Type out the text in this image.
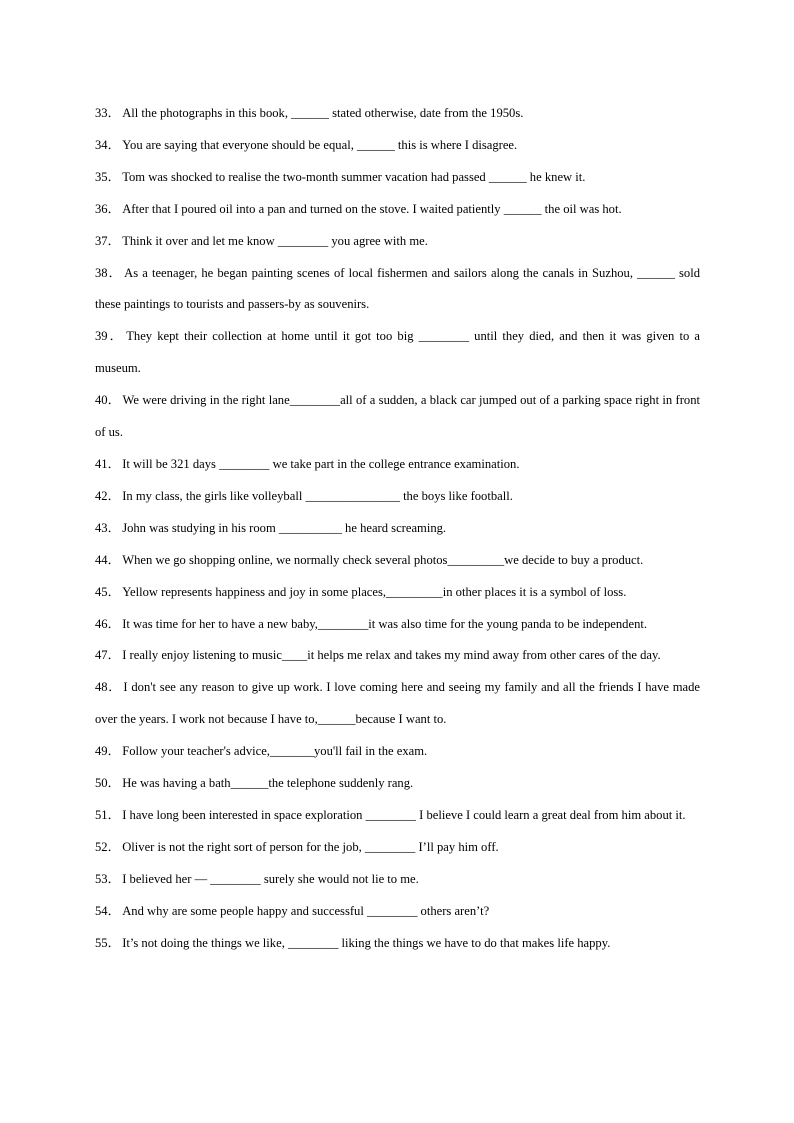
33． All the photographs in this book, ______ stated otherwise, date from the 1950s.

34． You are saying that everyone should be equal, ______ this is where I disagree.

35． Tom was shocked to realise the two-month summer vacation had passed ______ he knew it.

36． After that I poured oil into a pan and turned on the stove. I waited patiently ______ the oil was hot.

37． Think it over and let me know ________ you agree with me.

38． As a teenager, he began painting scenes of local fishermen and sailors along the canals in Suzhou, ______ sold these paintings to tourists and passers-by as souvenirs.

39． They kept their collection at home until it got too big ________ until they died, and then it was given to a museum.

40． We were driving in the right lane________all of a sudden, a black car jumped out of a parking space right in front of us.

41． It will be 321 days ________ we take part in the college entrance examination.

42． In my class, the girls like volleyball _______________ the boys like football.

43． John was studying in his room __________ he heard screaming.

44． When we go shopping online, we normally check several photos_________we decide to buy a product.

45． Yellow represents happiness and joy in some places,_________in other places it is a symbol of loss.

46． It was time for her to have a new baby,________it was also time for the young panda to be independent.

47． I really enjoy listening to music____it helps me relax and takes my mind away from other cares of the day.

48． I don't see any reason to give up work. I love coming here and seeing my family and all the friends I have made over the years. I work not because I have to,______because I want to.

49． Follow your teacher's advice,_______you'll fail in the exam.

50． He was having a bath______the telephone suddenly rang.

51． I have long been interested in space exploration ________ I believe I could learn a great deal from him about it.

52． Oliver is not the right sort of person for the job, ________ I’ll pay him off.

53． I believed her — ________ surely she would not lie to me.

54． And why are some people happy and successful ________ others aren’t?

55． It’s not doing the things we like, ________ liking the things we have to do that makes life happy.
